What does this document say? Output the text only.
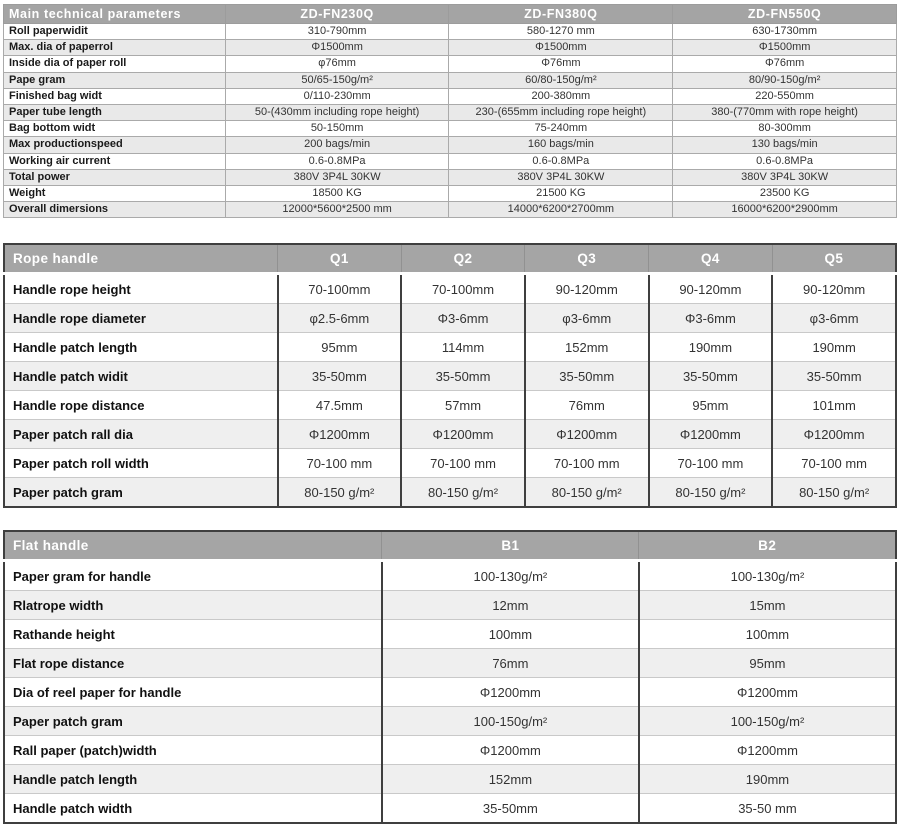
Main technical parameters	ZD-FN230Q	ZD-FN380Q	ZD-FN550Q
Roll paperwidit	310-790mm	580-1270 mm	630-1730mm
Max. dia of paperrol	Φ1500mm	Φ1500mm	Φ1500mm
Inside dia of paper roll	φ76mm	Φ76mm	Φ76mm
Pape gram	50/65-150g/m²	60/80-150g/m²	80/90-150g/m²
Finished bag widt	0/110-230mm	200-380mm	220-550mm
Paper tube length	50-(430mm including rope height)	230-(655mm including rope height)	380-(770mm with rope height)
Bag bottom widt	50-150mm	75-240mm	80-300mm
Max productionspeed	200 bags/min	160 bags/min	130 bags/min
Working air current	0.6-0.8MPa	0.6-0.8MPa	0.6-0.8MPa
Total power	380V 3P4L 30KW	380V 3P4L 30KW	380V 3P4L 30KW
Weight	18500 KG	21500 KG	23500 KG
Overall dimersions	12000*5600*2500 mm	14000*6200*2700mm	16000*6200*2900mm
Rope handle	Q1	Q2	Q3	Q4	Q5
Handle rope height	70-100mm	70-100mm	90-120mm	90-120mm	90-120mm
Handle rope diameter	φ2.5-6mm	Φ3-6mm	φ3-6mm	Φ3-6mm	φ3-6mm
Handle patch length	95mm	114mm	152mm	190mm	190mm
Handle patch widit	35-50mm	35-50mm	35-50mm	35-50mm	35-50mm
Handle rope distance	47.5mm	57mm	76mm	95mm	101mm
Paper patch rall dia	Φ1200mm	Φ1200mm	Φ1200mm	Φ1200mm	Φ1200mm
Paper patch roll width	70-100 mm	70-100 mm	70-100 mm	70-100 mm	70-100 mm
Paper patch gram	80-150 g/m²	80-150 g/m²	80-150 g/m²	80-150 g/m²	80-150 g/m²
Flat handle	B1	B2
Paper gram for handle	100-130g/m²	100-130g/m²
Rlatrope width	12mm	15mm
Rathande height	100mm	100mm
Flat rope distance	76mm	95mm
Dia of reel paper for handle	Φ1200mm	Φ1200mm
Paper patch gram	100-150g/m²	100-150g/m²
Rall paper (patch)width	Φ1200mm	Φ1200mm
Handle patch length	152mm	190mm
Handle patch width	35-50mm	35-50 mm
